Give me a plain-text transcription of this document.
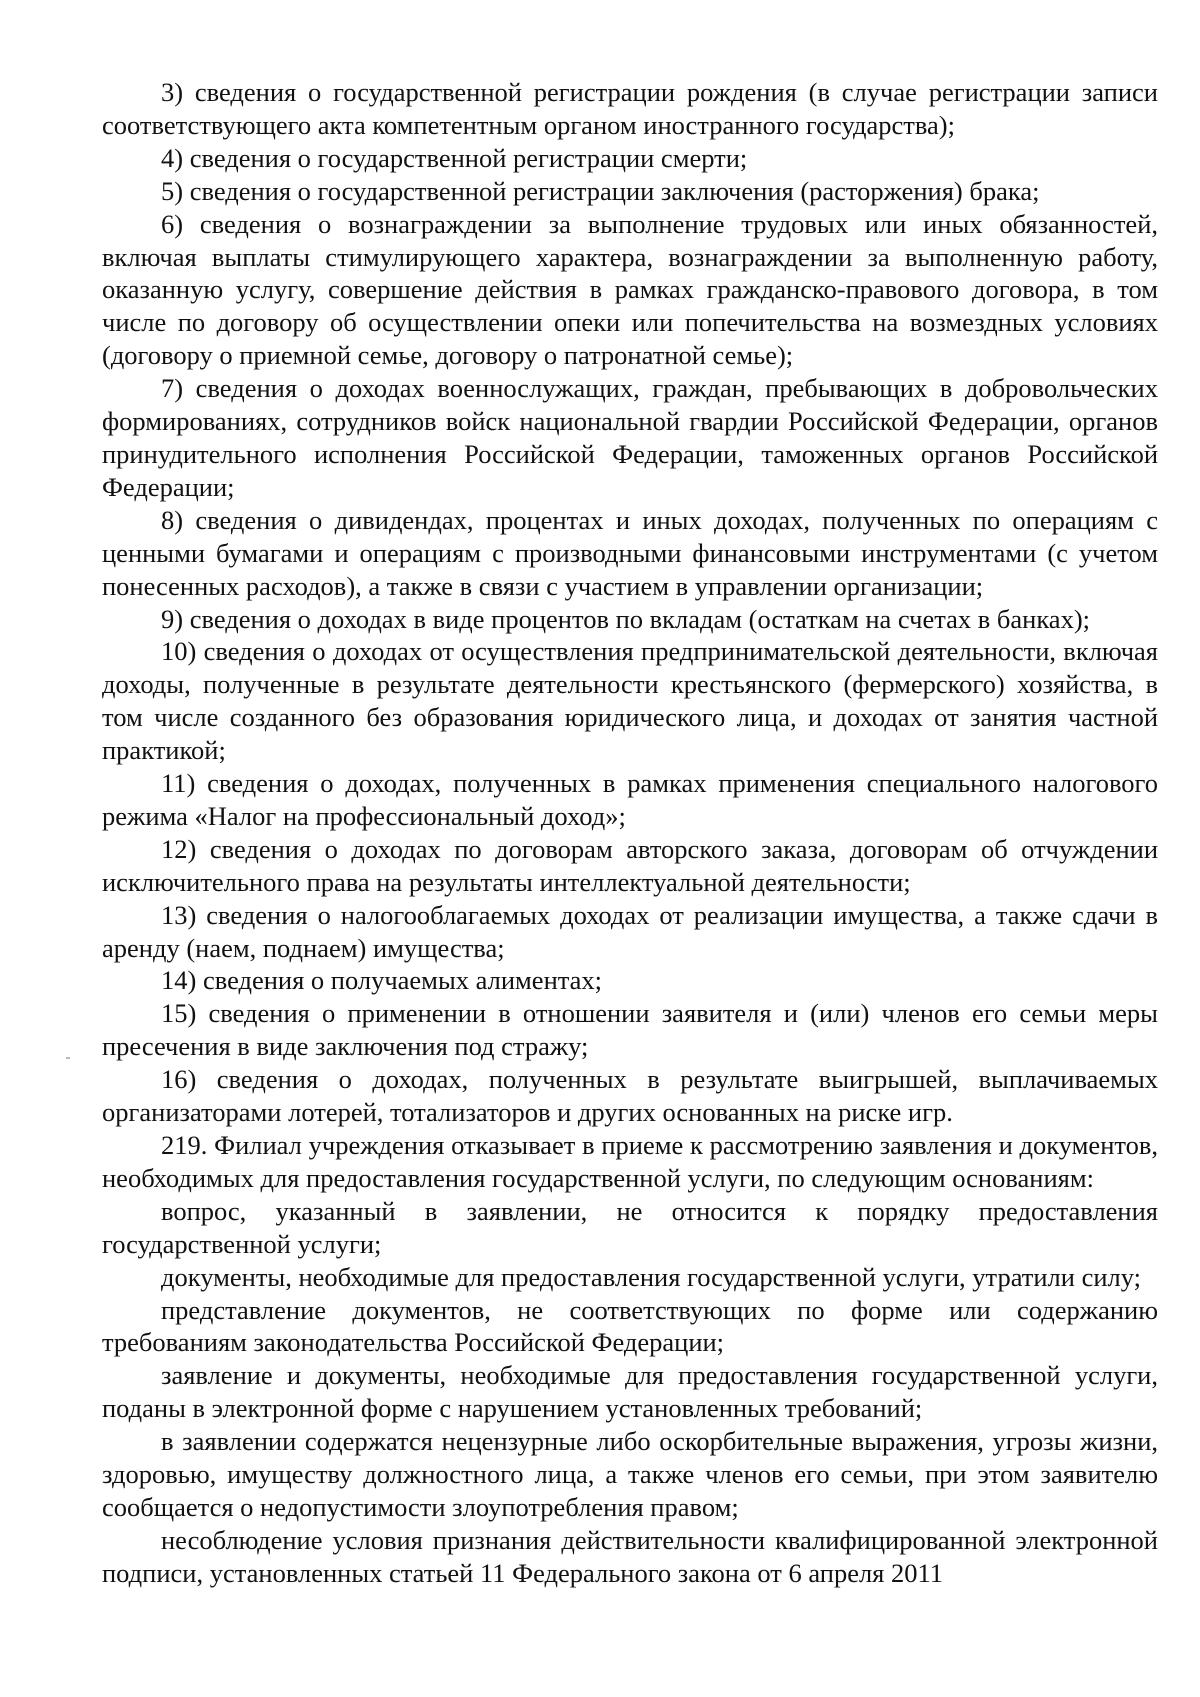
3) сведения о государственной регистрации рождения (в случае регистрации записи соответствующего акта компетентным органом иностранного государства);

4) сведения о государственной регистрации смерти;

5) сведения о государственной регистрации заключения (расторжения) брака;

6) сведения о вознаграждении за выполнение трудовых или иных обязанностей, включая выплаты стимулирующего характера, вознаграждении за выполненную работу, оказанную услугу, совершение действия в рамках гражданско-правового договора, в том числе по договору об осуществлении опеки или попечительства на возмездных условиях (договору о приемной семье, договору о патронатной семье);

7) сведения о доходах военнослужащих, граждан, пребывающих в добровольческих формированиях, сотрудников войск национальной гвардии Российской Федерации, органов принудительного исполнения Российской Федерации, таможенных органов Российской Федерации;

8) сведения о дивидендах, процентах и иных доходах, полученных по операциям с ценными бумагами и операциям с производными финансовыми инструментами (с учетом понесенных расходов), а также в связи с участием в управлении организации;

9) сведения о доходах в виде процентов по вкладам (остаткам на счетах в банках);

10) сведения о доходах от осуществления предпринимательской деятельности, включая доходы, полученные в результате деятельности крестьянского (фермерского) хозяйства, в том числе созданного без образования юридического лица, и доходах от занятия частной практикой;

11) сведения о доходах, полученных в рамках применения специального налогового режима «Налог на профессиональный доход»;

12) сведения о доходах по договорам авторского заказа, договорам об отчуждении исключительного права на результаты интеллектуальной деятельности;

13) сведения о налогооблагаемых доходах от реализации имущества, а также сдачи в аренду (наем, поднаем) имущества;

14) сведения о получаемых алиментах;

15) сведения о применении в отношении заявителя и (или) членов его семьи меры пресечения в виде заключения под стражу;

16) сведения о доходах, полученных в результате выигрышей, выплачиваемых организаторами лотерей, тотализаторов и других основанных на риске игр.

219. Филиал учреждения отказывает в приеме к рассмотрению заявления и документов, необходимых для предоставления государственной услуги, по следующим основаниям:

вопрос, указанный в заявлении, не относится к порядку предоставления государственной услуги;

документы, необходимые для предоставления государственной услуги, утратили силу;

представление документов, не соответствующих по форме или содержанию требованиям законодательства Российской Федерации;

заявление и документы, необходимые для предоставления государственной услуги, поданы в электронной форме с нарушением установленных требований;

в заявлении содержатся нецензурные либо оскорбительные выражения, угрозы жизни, здоровью, имуществу должностного лица, а также членов его семьи, при этом заявителю сообщается о недопустимости злоупотребления правом;

несоблюдение условия признания действительности квалифицированной электронной подписи, установленных статьей 11 Федерального закона от 6 апреля 2011
